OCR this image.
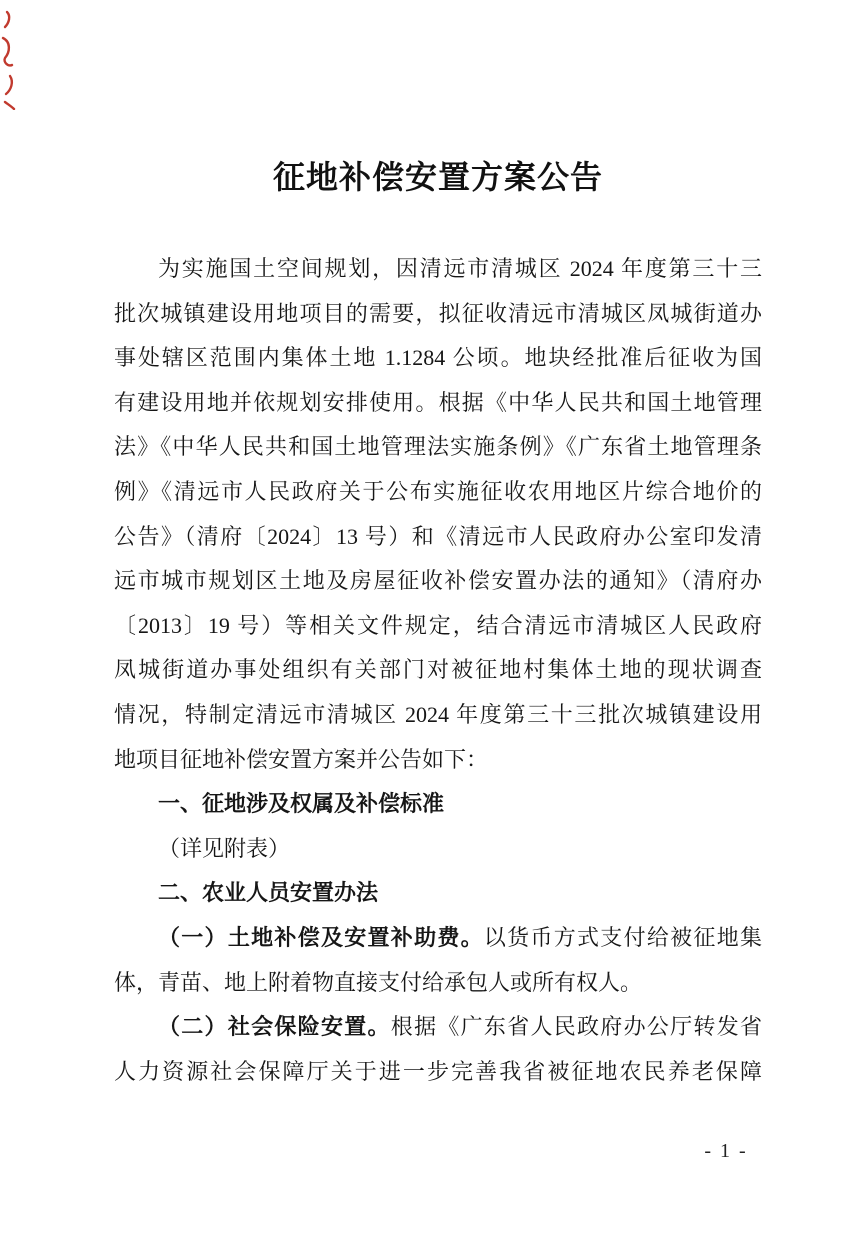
征地补偿安置方案公告
为实施国土空间规划，因清远市清城区 2024 年度第三十三
批次城镇建设用地项目的需要，拟征收清远市清城区凤城街道办
事处辖区范围内集体土地 1.1284 公顷。地块经批准后征收为国
有建设用地并依规划安排使用。根据《中华人民共和国土地管理
法》《中华人民共和国土地管理法实施条例》《广东省土地管理条
例》《清远市人民政府关于公布实施征收农用地区片综合地价的
公告》（清府〔2024〕13 号）和《清远市人民政府办公室印发清
远市城市规划区土地及房屋征收补偿安置办法的通知》（清府办
〔2013〕19 号）等相关文件规定，结合清远市清城区人民政府
凤城街道办事处组织有关部门对被征地村集体土地的现状调查
情况，特制定清远市清城区 2024 年度第三十三批次城镇建设用
地项目征地补偿安置方案并公告如下：
一、征地涉及权属及补偿标准
（详见附表）
二、农业人员安置办法
（一）土地补偿及安置补助费。以货币方式支付给被征地集
体，青苗、地上附着物直接支付给承包人或所有权人。
（二）社会保险安置。根据《广东省人民政府办公厅转发省
人力资源社会保障厅关于进一步完善我省被征地农民养老保障
- 1 -
